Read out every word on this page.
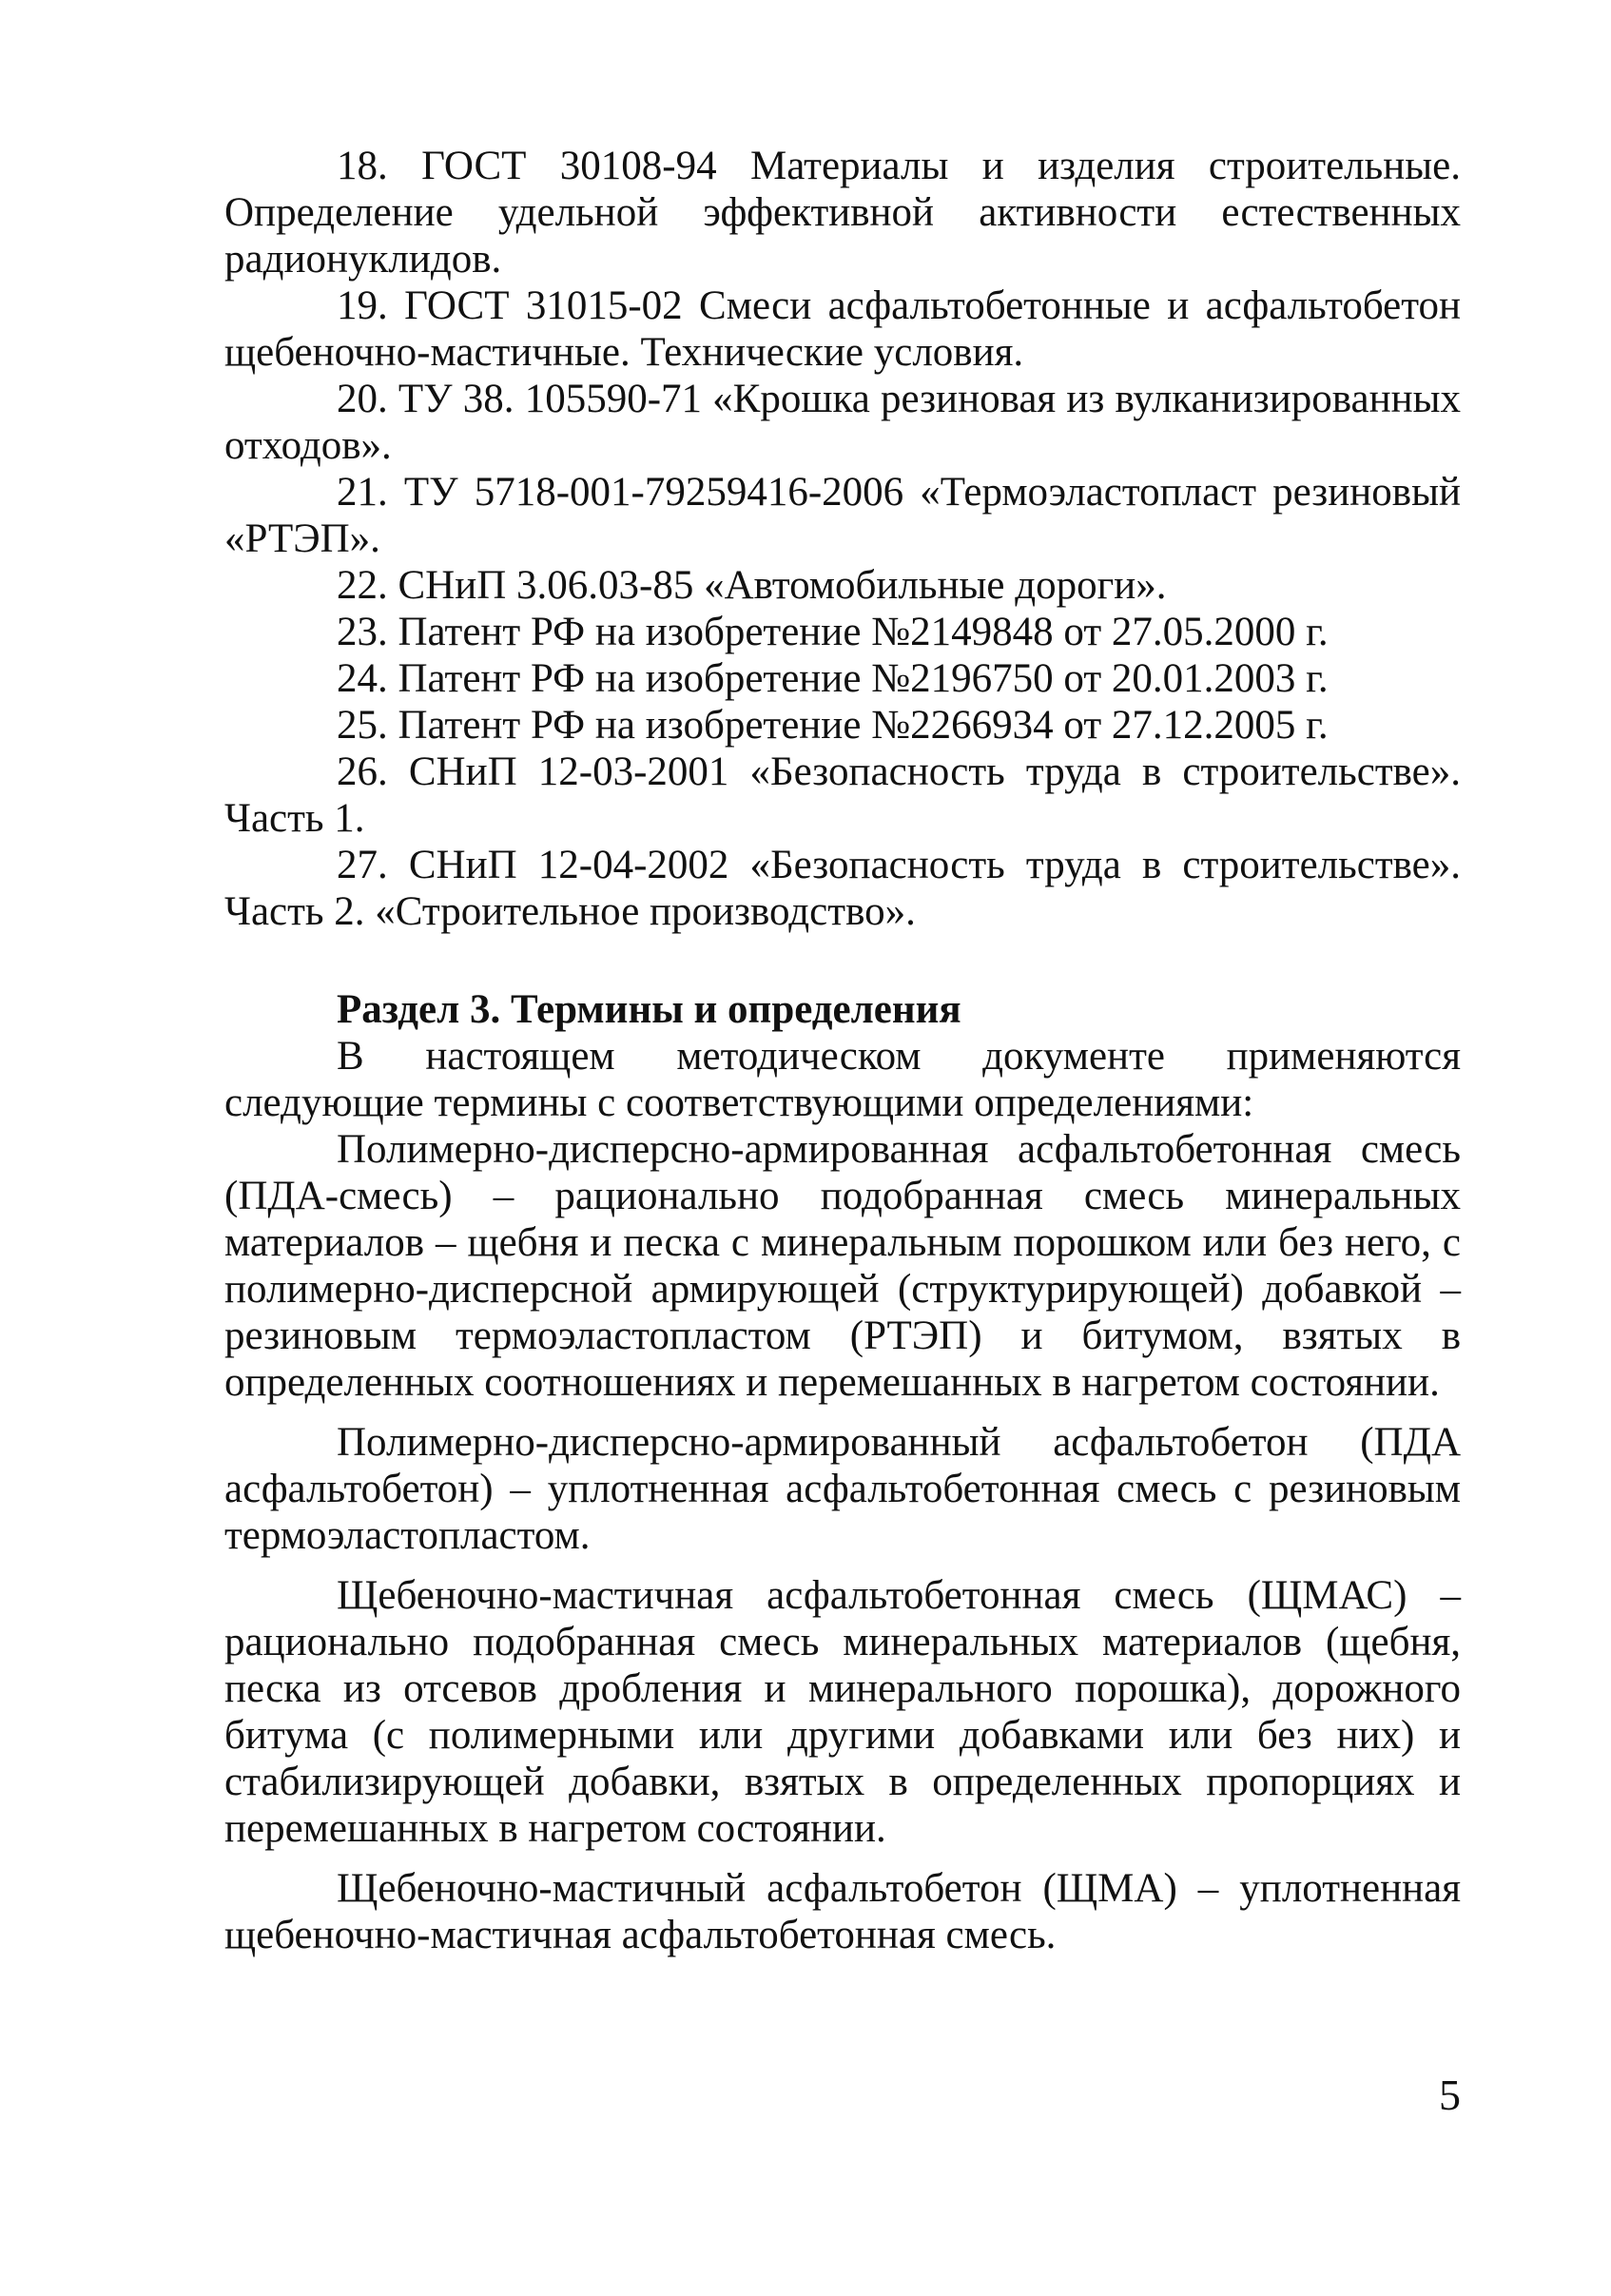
18. ГОСТ 30108-94 Материалы и изделия строительные. Определение удельной эффективной активности естественных радионуклидов.

19. ГОСТ 31015-02 Смеси асфальтобетонные и асфальтобетон щебеночно-мастичные. Технические условия.

20. ТУ 38. 105590-71 «Крошка резиновая из вулканизированных отходов».

21. ТУ 5718-001-79259416-2006 «Термоэластопласт резиновый «РТЭП».

22. СНиП 3.06.03-85 «Автомобильные дороги».

23. Патент РФ на изобретение №2149848 от 27.05.2000 г.

24. Патент РФ на изобретение №2196750 от 20.01.2003 г.

25. Патент РФ на изобретение №2266934 от 27.12.2005 г.

26. СНиП 12-03-2001 «Безопасность труда в строительстве». Часть 1.

27. СНиП 12-04-2002 «Безопасность труда в строительстве». Часть 2. «Строительное производство».

Раздел 3. Термины и определения

В настоящем методическом документе применяются следующие термины с соответствующими определениями:

Полимерно-дисперсно-армированная асфальтобетонная смесь (ПДА-смесь) – рационально подобранная смесь минеральных материалов – щебня и песка с минеральным порошком или без него, с полимерно-дисперсной армирующей (структурирующей) добавкой – резиновым термоэластопластом (РТЭП) и битумом, взятых в определенных соотношениях и перемешанных в нагретом состоянии.

Полимерно-дисперсно-армированный асфальтобетон (ПДА асфальтобетон) – уплотненная асфальтобетонная смесь с резиновым термоэластопластом.

Щебеночно-мастичная асфальтобетонная смесь (ЩМАС) – рационально подобранная смесь минеральных материалов (щебня, песка из отсевов дробления и минерального порошка), дорожного битума (с полимерными или другими добавками или без них) и стабилизирующей добавки, взятых в определенных пропорциях и перемешанных в нагретом состоянии.

Щебеночно-мастичный асфальтобетон (ЩМА) – уплотненная щебеночно-мастичная асфальтобетонная смесь.

5
